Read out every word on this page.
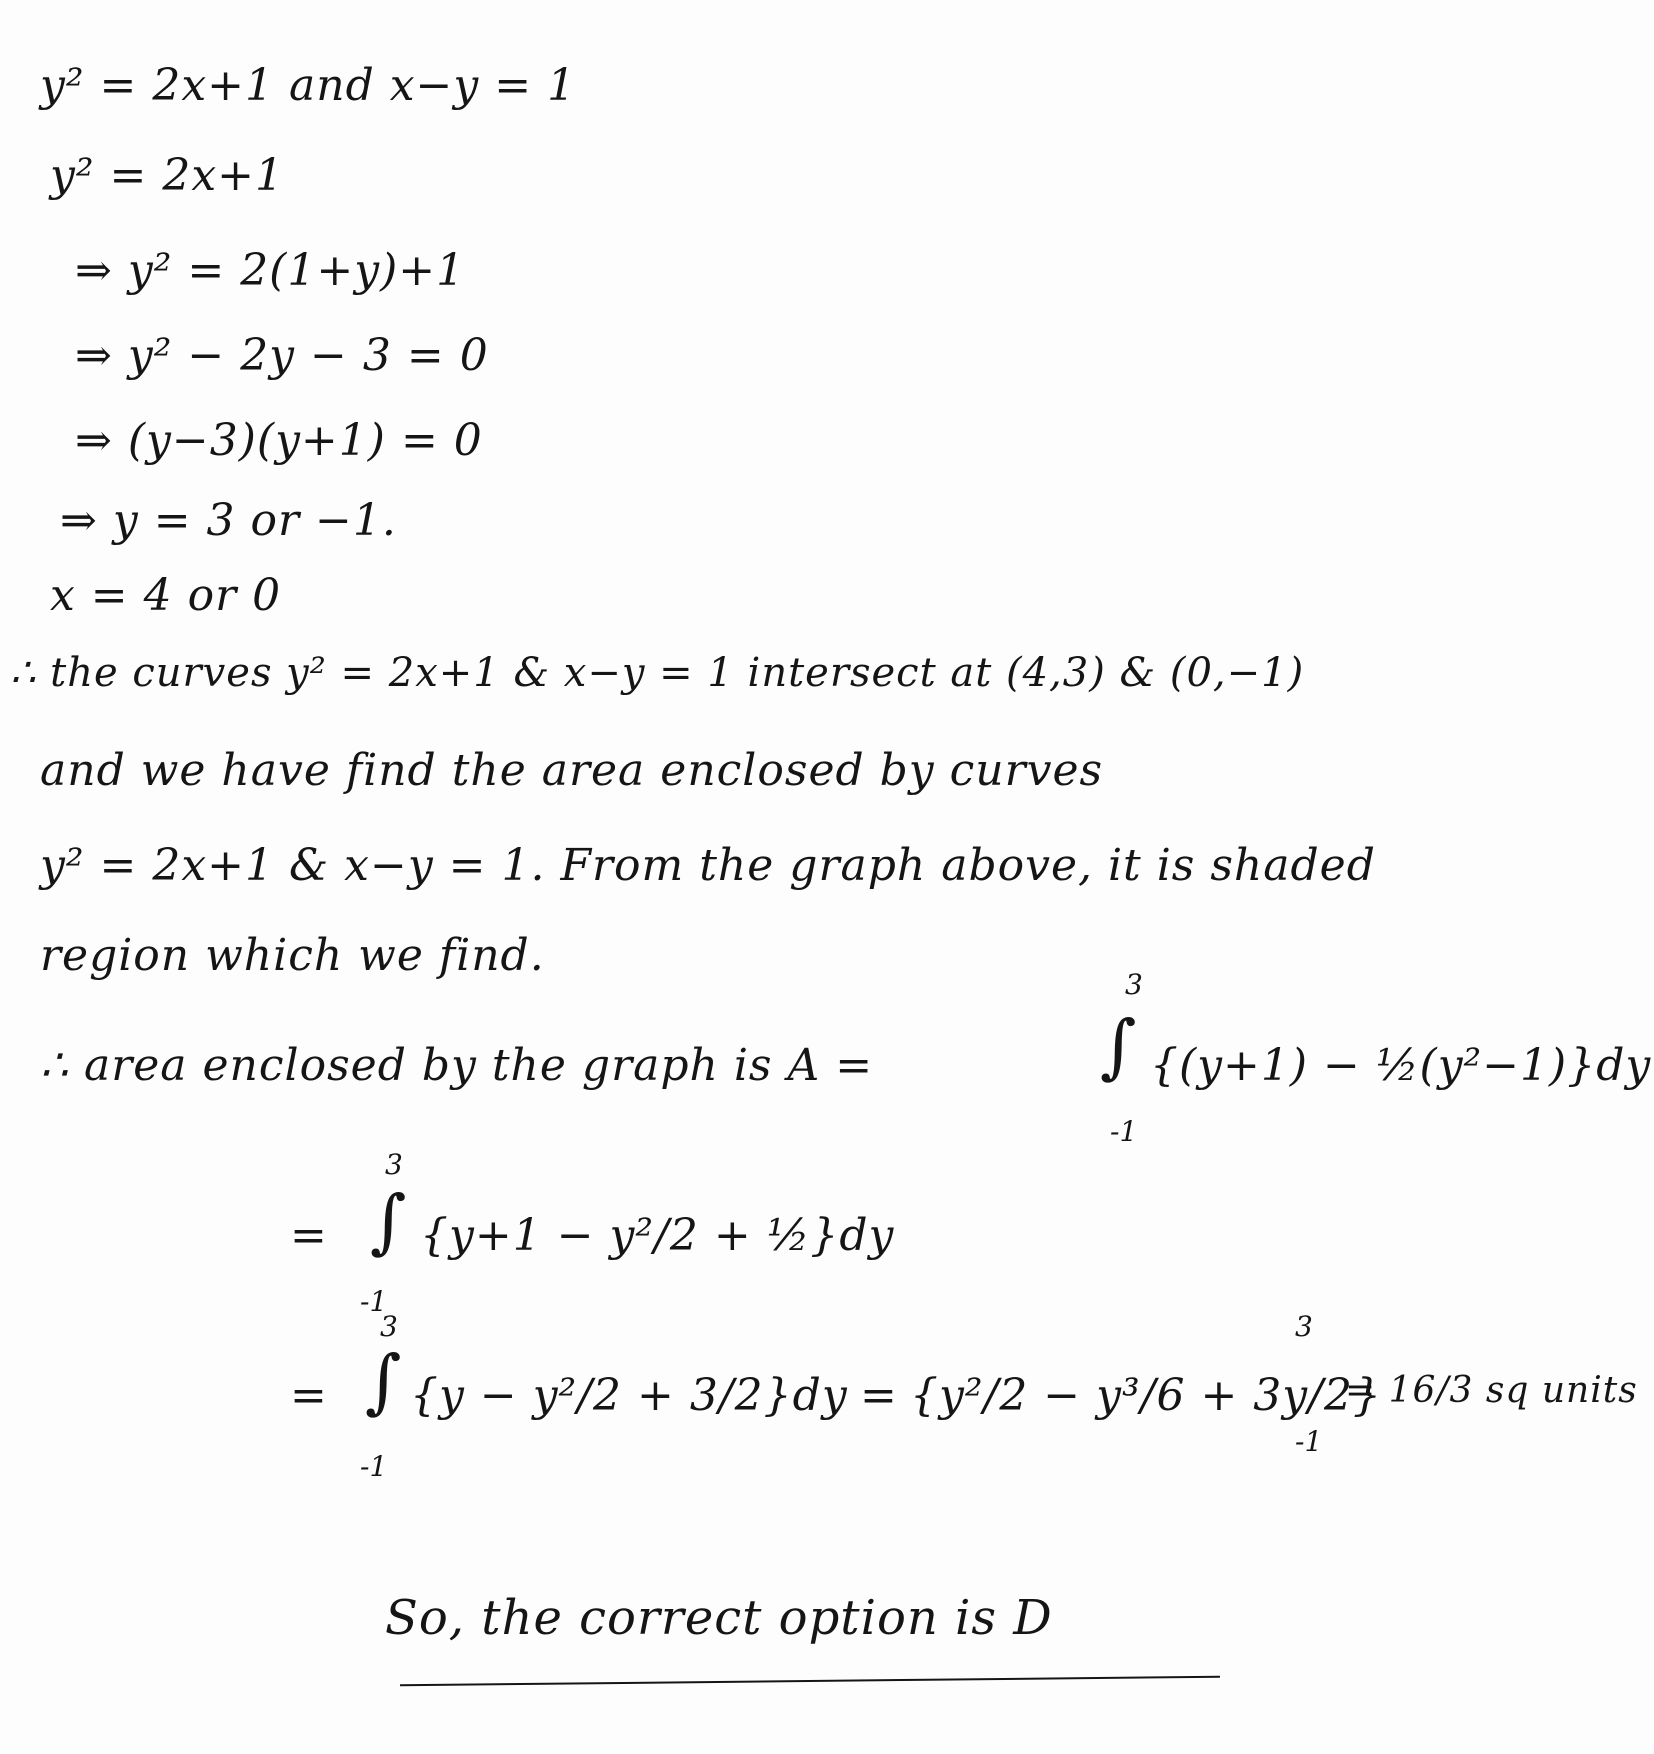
y² = 2x+1 and x−y = 1
y² = 2x+1
⇒ y² = 2(1+y)+1
⇒ y² − 2y − 3 = 0
⇒ (y−3)(y+1) = 0
⇒ y = 3 or −1.
x = 4 or 0
∴ the curves y² = 2x+1 & x−y = 1 intersect at (4,3) & (0,−1)
and we have find the area enclosed by curves
y² = 2x+1 & x−y = 1. From the graph above, it is shaded
region which we find.
∴ area enclosed by the graph is A =
3
∫
-1
{(y+1) − ½(y²−1)}dy
=
3
∫
-1
{y+1 − y²/2 + ½}dy
=
3
∫
-1
{y − y²/2 + 3/2}dy = {y²/2 − y³/6 + 3y/2}
3
-1
= 16/3 sq units
So, the correct option is D
